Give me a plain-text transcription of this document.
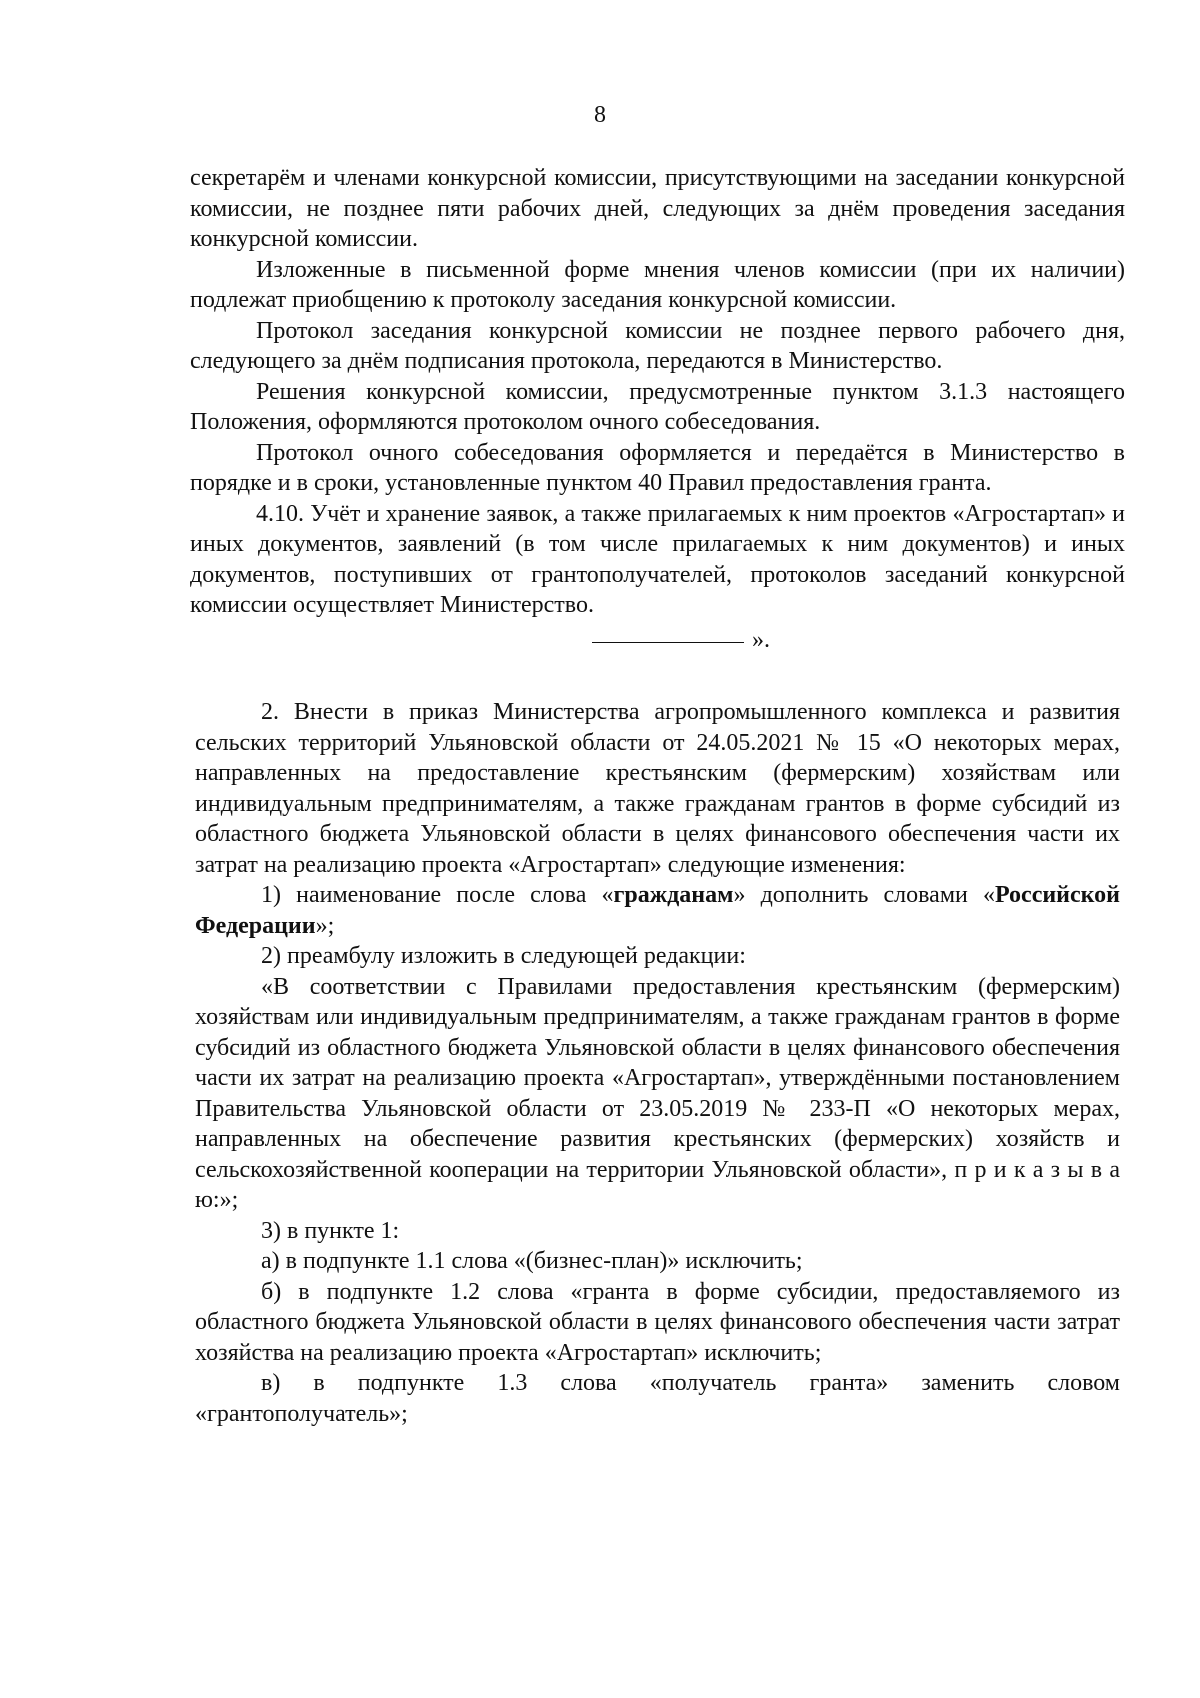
8

секретарём и членами конкурсной комиссии, присутствующими на заседании конкурсной комиссии, не позднее пяти рабочих дней, следующих за днём проведения заседания конкурсной комиссии.

Изложенные в письменной форме мнения членов комиссии (при их наличии) подлежат приобщению к протоколу заседания конкурсной комиссии.

Протокол заседания конкурсной комиссии не позднее первого рабочего дня, следующего за днём подписания протокола, передаются в Министерство.

Решения конкурсной комиссии, предусмотренные пунктом 3.1.3 настоящего Положения, оформляются протоколом очного собеседования.

Протокол очного собеседования оформляется и передаётся в Министерство в порядке и в сроки, установленные пунктом 40 Правил предоставления гранта.

4.10. Учёт и хранение заявок, а также прилагаемых к ним проектов «Агростартап» и иных документов, заявлений (в том числе прилагаемых к ним документов) и иных документов, поступивших от грантополучателей, протоколов заседаний конкурсной комиссии осуществляет Министерство.

».

2. Внести в приказ Министерства агропромышленного комплекса и развития сельских территорий Ульяновской области от 24.05.2021 № 15 «О некоторых мерах, направленных на предоставление крестьянским (фермерским) хозяйствам или индивидуальным предпринимателям, а также гражданам грантов в форме субсидий из областного бюджета Ульяновской области в целях финансового обеспечения части их затрат на реализацию проекта «Агростартап» следующие изменения:

1) наименование после слова «гражданам» дополнить словами «Российской Федерации»;

2) преамбулу изложить в следующей редакции:

«В соответствии с Правилами предоставления крестьянским (фермерским) хозяйствам или индивидуальным предпринимателям, а также гражданам грантов в форме субсидий из областного бюджета Ульяновской области в целях финансового обеспечения части их затрат на реализацию проекта «Агростартап», утверждёнными постановлением Правительства Ульяновской области от 23.05.2019 № 233-П «О некоторых мерах, направленных на обеспечение развития крестьянских (фермерских) хозяйств и сельскохозяйственной кооперации на территории Ульяновской области», п р и к а з ы в а ю:»;

3) в пункте 1:

а) в подпункте 1.1 слова «(бизнес-план)» исключить;

б) в подпункте 1.2 слова «гранта в форме субсидии, предоставляемого из областного бюджета Ульяновской области в целях финансового обеспечения части затрат хозяйства на реализацию проекта «Агростартап» исключить;

в) в подпункте 1.3 слова «получатель гранта» заменить словом «грантополучатель»;
